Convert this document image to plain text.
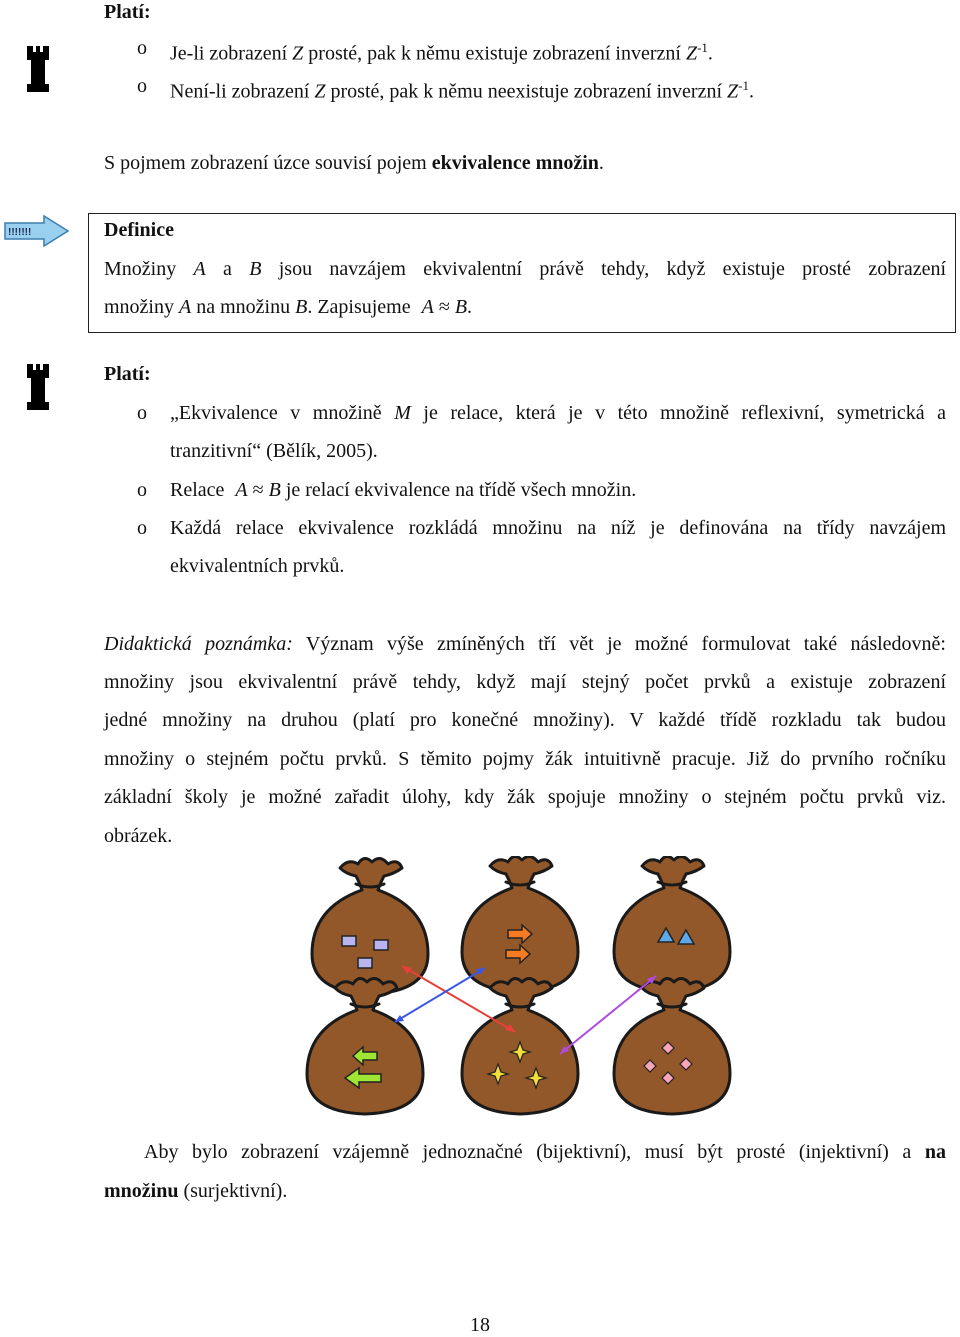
Platí:
o Je-li zobrazení Z prosté, pak k němu existuje zobrazení inverzní $Z^{-1}$.
o Není-li zobrazení Z prosté, pak k němu neexistuje zobrazení inverzní $Z^{-1}$.
S pojmem zobrazení úzce souvisí pojem ekvivalence množin.
!!!!!!!	Definice
Množiny A a B jsou navzájem ekvivalentní právě tehdy, když existuje prosté zobrazení
množiny A na množinu B. Zapisujeme A ≈ B.
Platí:
o „Ekvivalence v množině M je relace, která je v této množině reflexivní, symetrická a
tranzitivní“ (Bělík, 2005).
o Relace A ≈ B je relací ekvivalence na třídě všech množin.
o Každá relace ekvivalence rozkládá množinu na níž je definována na třídy navzájem
ekvivalentních prvků.
Didaktická poznámka: Význam výše zmíněných tří vět je možné formulovat také následovně:
množiny jsou ekvivalentní právě tehdy, když mají stejný počet prvků a existuje zobrazení
jedné množiny na druhou (platí pro konečné množiny). V každé třídě rozkladu tak budou
množiny o stejném počtu prvků. S těmito pojmy žák intuitivně pracuje. Již do prvního ročníku
základní školy je možné zařadit úlohy, kdy žák spojuje množiny o stejném počtu prvků viz.
obrázek.
Aby bylo zobrazení vzájemně jednoznačné (bijektivní), musí být prosté (injektivní) a na
množinu (surjektivní).
18
